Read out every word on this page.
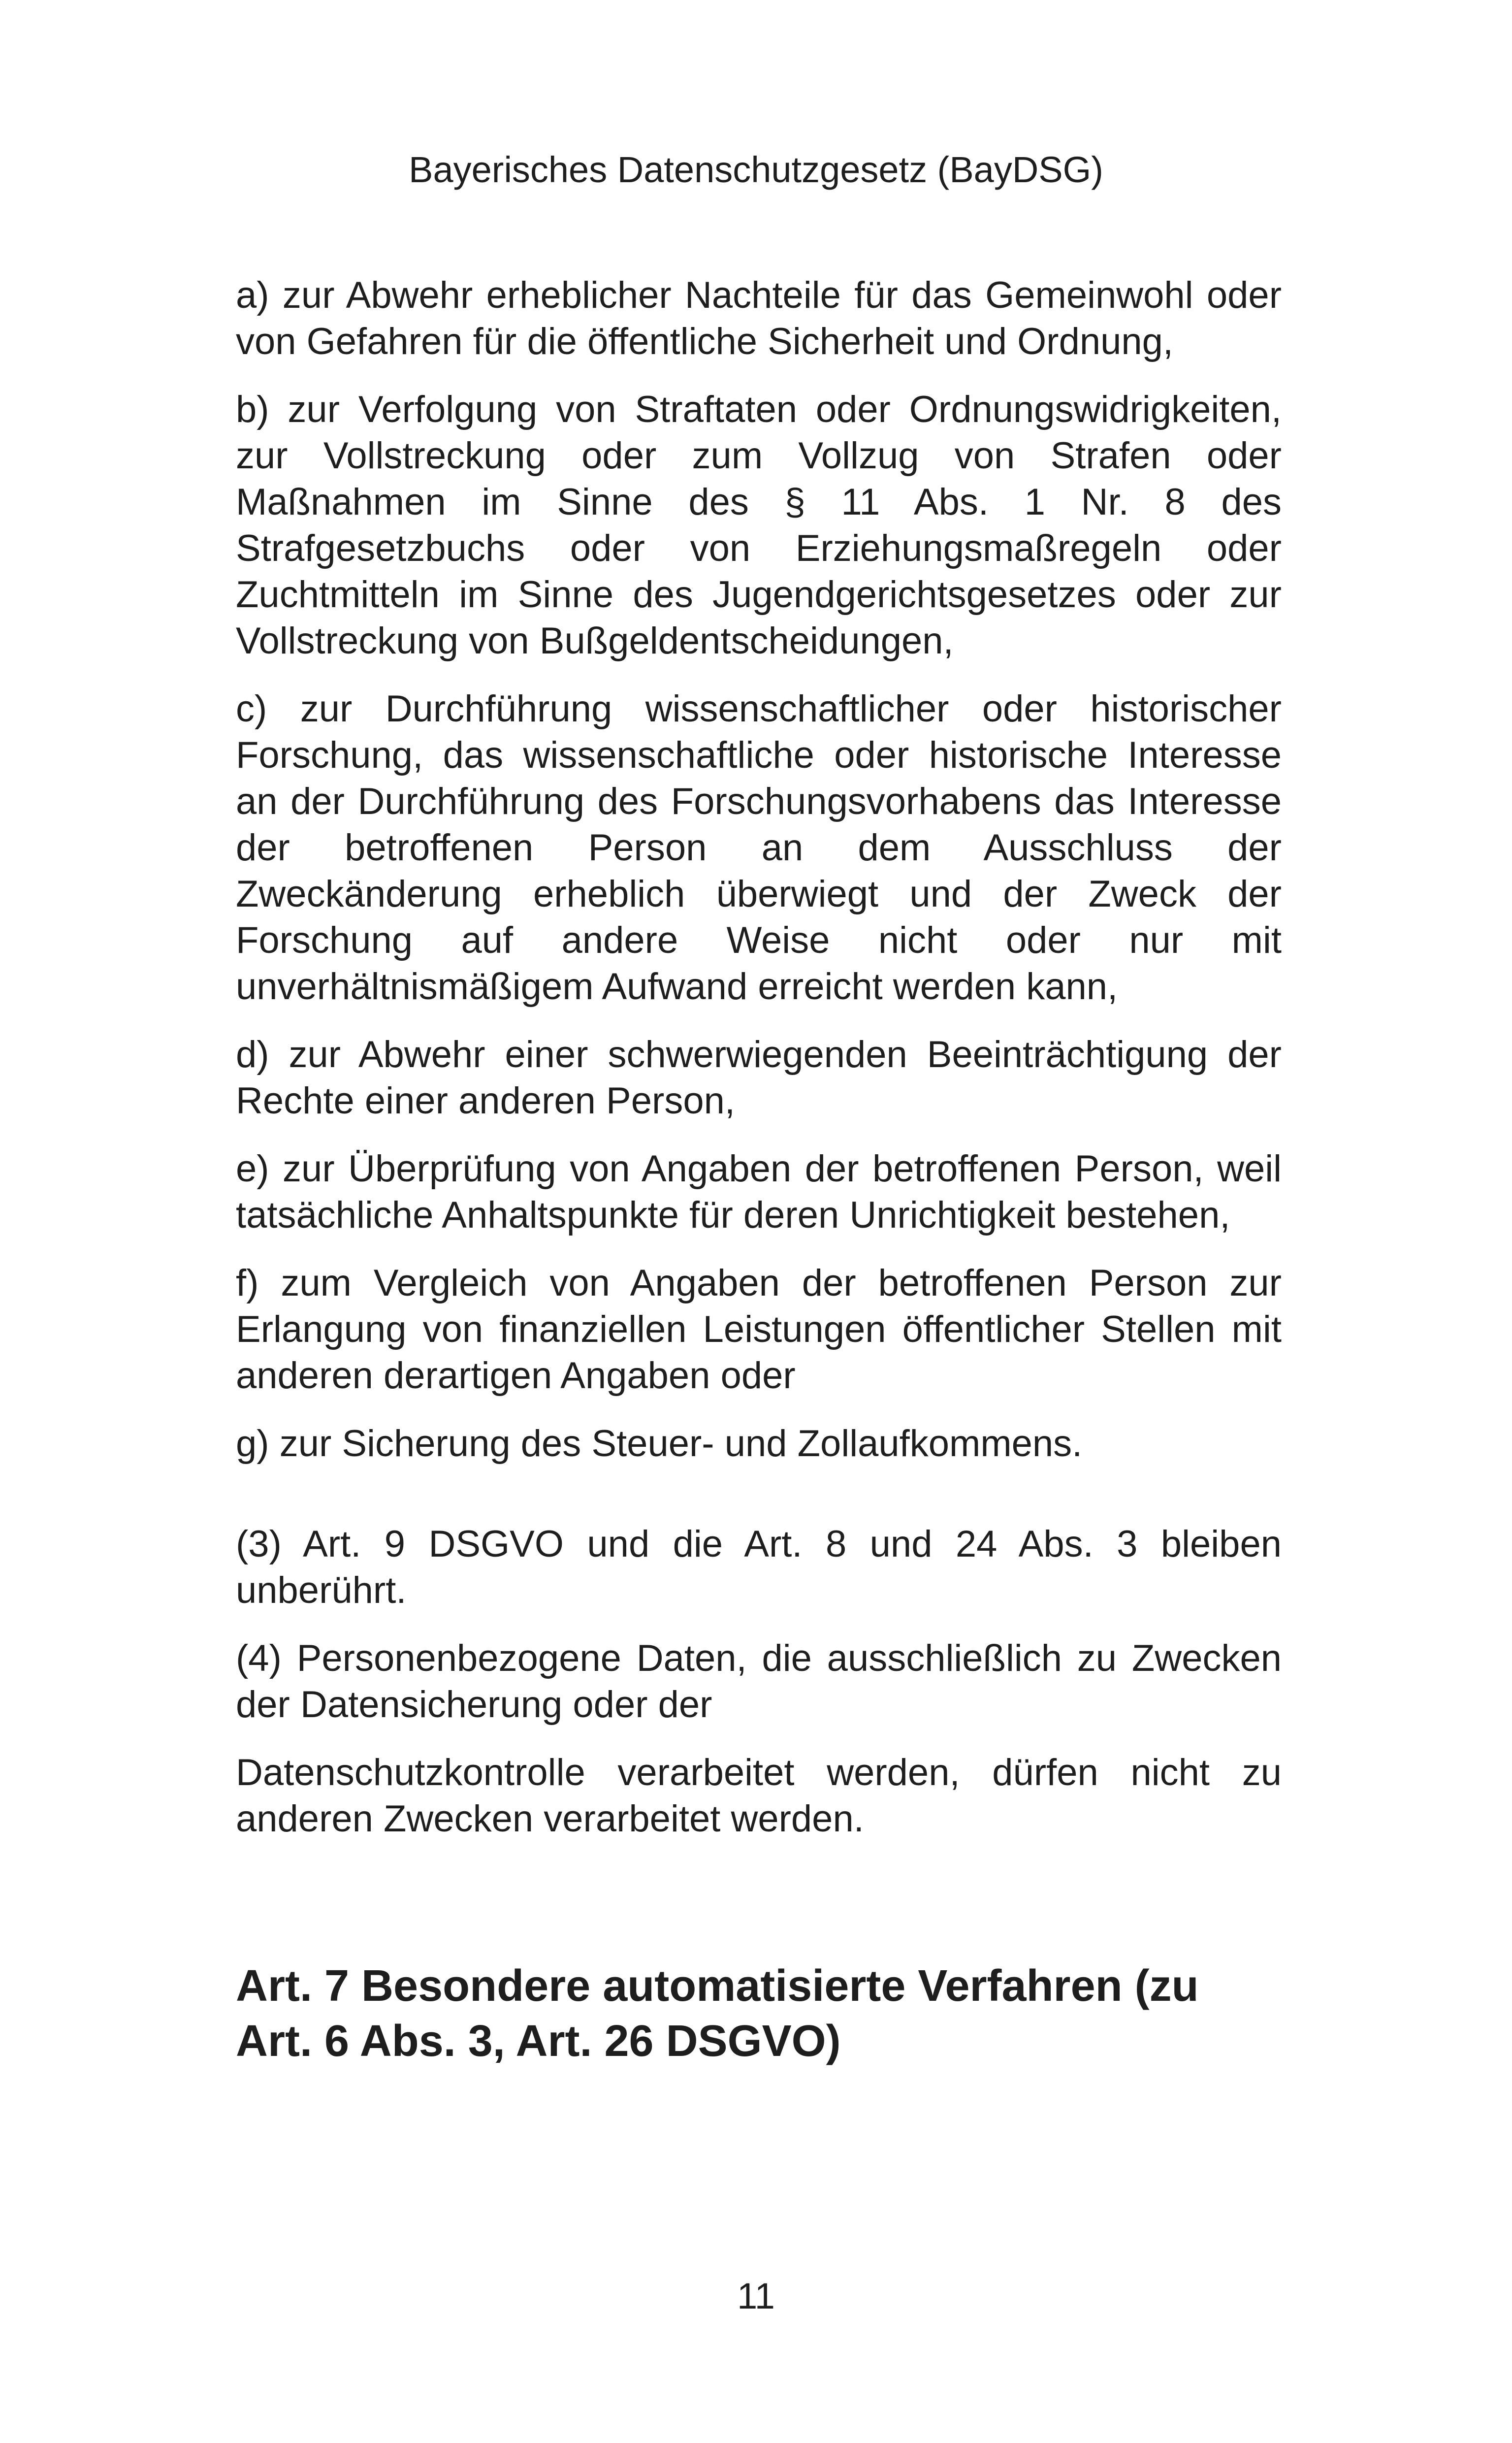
Bayerisches Datenschutzgesetz (BayDSG)

a) zur Abwehr erheblicher Nachteile für das Gemeinwohl oder von Gefahren für die öffentliche Sicherheit und Ordnung,

b) zur Verfolgung von Straftaten oder Ordnungswidrigkeiten, zur Vollstreckung oder zum Vollzug von Strafen oder Maßnahmen im Sinne des § 11 Abs. 1 Nr. 8 des Strafgesetzbuchs oder von Erziehungsmaßregeln oder Zuchtmitteln im Sinne des Jugendgerichtsgesetzes oder zur Vollstreckung von Bußgeldentscheidungen,

c) zur Durchführung wissenschaftlicher oder historischer Forschung, das wissenschaftliche oder historische Interesse an der Durchführung des Forschungsvorhabens das Interesse der betroffenen Person an dem Ausschluss der Zweckänderung erheblich überwiegt und der Zweck der Forschung auf andere Weise nicht oder nur mit unverhältnismäßigem Aufwand erreicht werden kann,

d) zur Abwehr einer schwerwiegenden Beeinträchtigung der Rechte einer anderen Person,

e) zur Überprüfung von Angaben der betroffenen Person, weil tatsächliche Anhaltspunkte für deren Unrichtigkeit bestehen,

f) zum Vergleich von Angaben der betroffenen Person zur Erlangung von finanziellen Leistungen öffentlicher Stellen mit anderen derartigen Angaben oder

g) zur Sicherung des Steuer- und Zollaufkommens.

(3) Art. 9 DSGVO und die Art. 8 und 24 Abs. 3 bleiben unberührt.

(4) Personenbezogene Daten, die ausschließlich zu Zwecken der Datensicherung oder der

Datenschutzkontrolle verarbeitet werden, dürfen nicht zu anderen Zwecken verarbeitet werden.

Art. 7 Besondere automatisierte Verfahren (zu Art. 6 Abs. 3, Art. 26 DSGVO)
11
